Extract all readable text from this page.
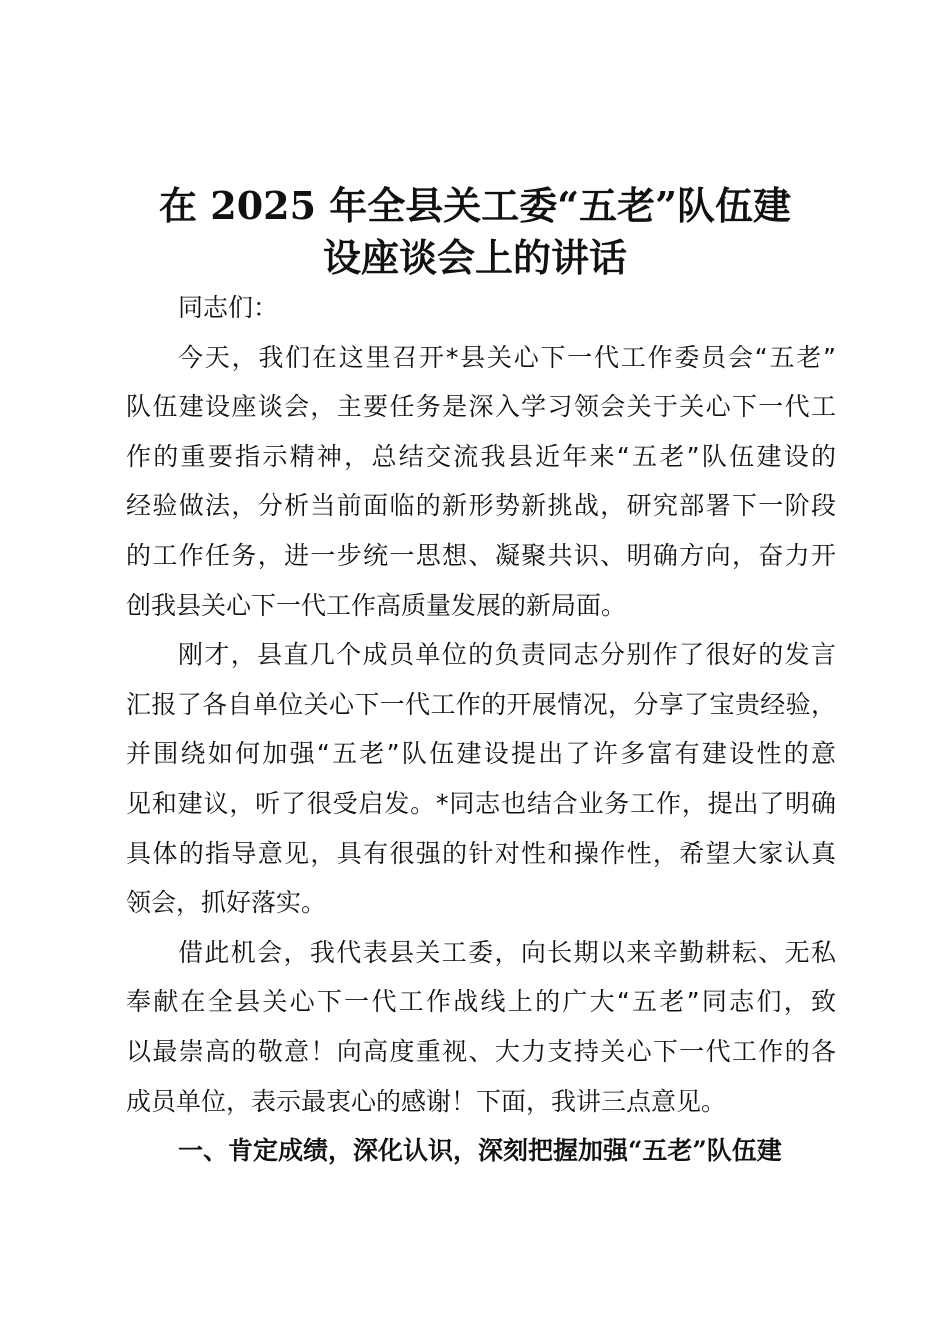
在 2025 年全县关工委“五老”队伍建
设座谈会上的讲话

同志们：

今天，我们在这里召开*县关心下一代工作委员会“五老”
队伍建设座谈会，主要任务是深入学习领会关于关心下一代工
作的重要指示精神，总结交流我县近年来“五老”队伍建设的
经验做法，分析当前面临的新形势新挑战，研究部署下一阶段
的工作任务，进一步统一思想、凝聚共识、明确方向，奋力开
创我县关心下一代工作高质量发展的新局面。

刚才，县直几个成员单位的负责同志分别作了很好的发言
汇报了各自单位关心下一代工作的开展情况，分享了宝贵经验，
并围绕如何加强“五老”队伍建设提出了许多富有建设性的意
见和建议，听了很受启发。*同志也结合业务工作，提出了明确
具体的指导意见，具有很强的针对性和操作性，希望大家认真
领会，抓好落实。

借此机会，我代表县关工委，向长期以来辛勤耕耘、无私
奉献在全县关心下一代工作战线上的广大“五老”同志们，致
以最崇高的敬意！向高度重视、大力支持关心下一代工作的各
成员单位，表示最衷心的感谢！下面，我讲三点意见。

一、肯定成绩，深化认识，深刻把握加强“五老”队伍建
